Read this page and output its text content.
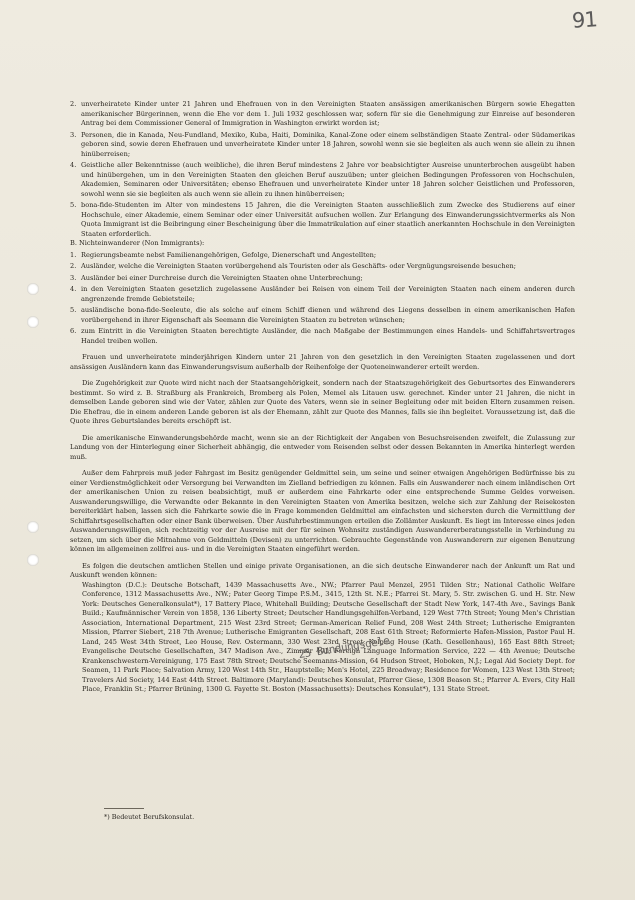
91
2. unverheiratete Kinder unter 21 Jahren und Ehefrauen von in den Vereinigten Staaten ansässigen amerikanischen Bürgern sowie Ehegatten amerikanischer Bürgerinnen, wenn die Ehe vor dem 1. Juli 1932 geschlossen war, sofern für sie die Genehmigung zur Einreise auf besonderen Antrag bei dem Commissioner General of Immigration in Washington erwirkt worden ist;
3. Personen, die in Kanada, Neu-Fundland, Mexiko, Kuba, Haiti, Dominika, Kanal-Zone oder einem selbständigen Staate Zentral- oder Südamerikas geboren sind, sowie deren Ehefrauen und unverheiratete Kinder unter 18 Jahren, sowohl wenn sie sie begleiten als auch wenn sie allein zu ihnen hinüberreisen;
4. Geistliche aller Bekenntnisse (auch weibliche), die ihren Beruf mindestens 2 Jahre vor beabsichtigter Ausreise ununterbrochen ausgeübt haben und hinübergehen, um in den Vereinigten Staaten den gleichen Beruf auszuüben; unter gleichen Bedingungen Professoren von Hochschulen, Akademien, Seminaren oder Universitäten; ebenso Ehefrauen und unverheiratete Kinder unter 18 Jahren solcher Geistlichen und Professoren, sowohl wenn sie sie begleiten als auch wenn sie allein zu ihnen hinüberreisen;
5. bona-fide-Studenten im Alter von mindestens 15 Jahren, die die Vereinigten Staaten ausschließlich zum Zwecke des Studierens auf einer Hochschule, einer Akademie, einem Seminar oder einer Universität aufsuchen wollen. Zur Erlangung des Einwanderungssichtvermerks als Non Quota Immigrant ist die Beibringung einer Bescheinigung über die Immatrikulation auf einer staatlich anerkannten Hochschule in den Vereinigten Staaten erforderlich.

B. Nichteinwanderer (Non Immigrants):

1. Regierungsbeamte nebst Familienangehörigen, Gefolge, Dienerschaft und Angestellten;
2. Ausländer, welche die Vereinigten Staaten vorübergehend als Touristen oder als Geschäfts- oder Vergnügungsreisende besuchen;
3. Ausländer bei einer Durchreise durch die Vereinigten Staaten ohne Unterbrechung;
4. in den Vereinigten Staaten gesetzlich zugelassene Ausländer bei Reisen von einem Teil der Vereinigten Staaten nach einem anderen durch angrenzende fremde Gebietsteile;
5. ausländische bona-fide-Seeleute, die als solche auf einem Schiff dienen und während des Liegens desselben in einem amerikanischen Hafen vorübergehend in ihrer Eigenschaft als Seemann die Vereinigten Staaten zu betreten wünschen;
6. zum Eintritt in die Vereinigten Staaten berechtigte Ausländer, die nach Maßgabe der Bestimmungen eines Handels- und Schiffahrtsvertrages Handel treiben wollen.

Frauen und unverheiratete minderjährigen Kindern unter 21 Jahren von den gesetzlich in den Vereinigten Staaten zugelassenen und dort ansässigen Ausländern kann das Einwanderungsvisum außerhalb der Reihenfolge der Quoteneinwanderer erteilt werden.

Die Zugehörigkeit zur Quote wird nicht nach der Staatsangehörigkeit, sondern nach der Staatszugehörigkeit des Geburtsortes des Einwanderers bestimmt. So wird z. B. Straßburg als Frankreich, Bromberg als Polen, Memel als Litauen usw. gerechnet. Kinder unter 21 Jahren, die nicht in demselben Lande geboren sind wie der Vater, zählen zur Quote des Vaters, wenn sie in seiner Begleitung oder mit beiden Eltern zusammen reisen. Die Ehefrau, die in einem anderen Lande geboren ist als der Ehemann, zählt zur Quote des Mannes, falls sie ihn begleitet. Voraussetzung ist, daß die Quote ihres Geburtslandes bereits erschöpft ist.

Die amerikanische Einwanderungsbehörde macht, wenn sie an der Richtigkeit der Angaben von Besuchsreisenden zweifelt, die Zulassung zur Landung von der Hinterlegung einer Sicherheit abhängig, die entweder vom Reisenden selbst oder dessen Bekannten in Amerika hinterlegt werden muß.

Außer dem Fahrpreis muß jeder Fahrgast im Besitz genügender Geldmittel sein, um seine und seiner etwaigen Angehörigen Bedürfnisse bis zu einer Verdienstmöglichkeit oder Versorgung bei Verwandten im Zielland befriedigen zu können. Falls ein Auswanderer nach einem inländischen Ort der amerikanischen Union zu reisen beabsichtigt, muß er außerdem eine Fahrkarte oder eine entsprechende Summe Geldes vorweisen. Auswanderungswillige, die Verwandte oder Bekannte in den Vereinigten Staaten von Amerika besitzen, welche sich zur Zahlung der Reisekosten bereiterklärt haben, lassen sich die Fahrkarte sowie die in Frage kommenden Geldmittel am einfachsten und sichersten durch die Vermittlung der Schiffahrtsgesellschaften oder einer Bank überweisen. Über Ausfuhrbestimmungen erteilen die Zollämter Auskunft. Es liegt im Interesse eines jeden Auswanderungswilligen, sich rechtzeitig vor der Ausreise mit der für seinen Wohnsitz zuständigen Auswandererberatungsstelle in Verbindung zu setzen, um sich über die Mitnahme von Geldmitteln (Devisen) zu unterrichten. Gebrauchte Gegenstände von Auswanderern zur eigenen Benutzung können im allgemeinen zollfrei aus- und in die Vereinigten Staaten eingeführt werden.

Es folgen die deutschen amtlichen Stellen und einige private Organisationen, an die sich deutsche Einwanderer nach der Ankunft um Rat und Auskunft wenden können:

Washington (D.C.): Deutsche Botschaft, 1439 Massachusetts Ave., NW.; Pfarrer Paul Menzel, 2951 Tilden Str.; National Catholic Welfare Conference, 1312 Massachusetts Ave., NW.; Pater Georg Timpe P.S.M., 3415, 12th St. N.E.; Pfarrei St. Mary, 5. Str. zwischen G. und H. Str. New York: Deutsches Generalkonsulat*), 17 Battery Place, Whitehall Building; Deutsche Gesellschaft der Stadt New York, 147-4th Ave., Savings Bank Build.; Kaufmännischer Verein von 1858, 136 Liberty Street; Deutscher Handlungsgehilfen-Verband, 129 West 77th Street; Young Men's Christian Association, International Department, 215 West 23rd Street; German-American Relief Fund, 208 West 24th Street; Lutherische Emigranten Mission, Pfarrer Siebert, 218 7th Avenue; Lutherische Emigranten Gesellschaft, 208 East 61th Street; Reformierte Hafen-Mission, Pastor Paul H. Land, 245 West 34th Street, Leo House, Rev. Ostermann, 330 West 23rd Street; Kolping House (Kath. Gesellenhaus), 165 East 88th Street; Evangelische Deutsche Gesellschaften, 347 Madison Ave., Zimmer 401; Foreign Language Information Service, 222 — 4th Avenue; Deutsche Krankenschwestern-Vereinigung, 175 East 78th Street; Deutsche Seemanns-Mission, 64 Hudson Street, Hoboken, N.J.; Legal Aid Society Dept. for Seamen, 11 Park Place; Salvation Army, 120 West 14th Str., Hauptstelle; Men's Hotel, 225 Broadway; Residence for Women, 123 West 13th Street; Travelers Aid Society, 144 East 44th Street. Baltimore (Maryland): Deutsches Konsulat, Pfarrer Giese, 1308 Beason St.; Pfarrer A. Evers, City Hall Place, Franklin St.; Pfarrer Brüning, 1300 G. Fayette St. Boston (Massachusetts): Deutsches Konsulat*), 131 State Street.

25 Bundungsgele
*) Bedeutet Berufskonsulat.
